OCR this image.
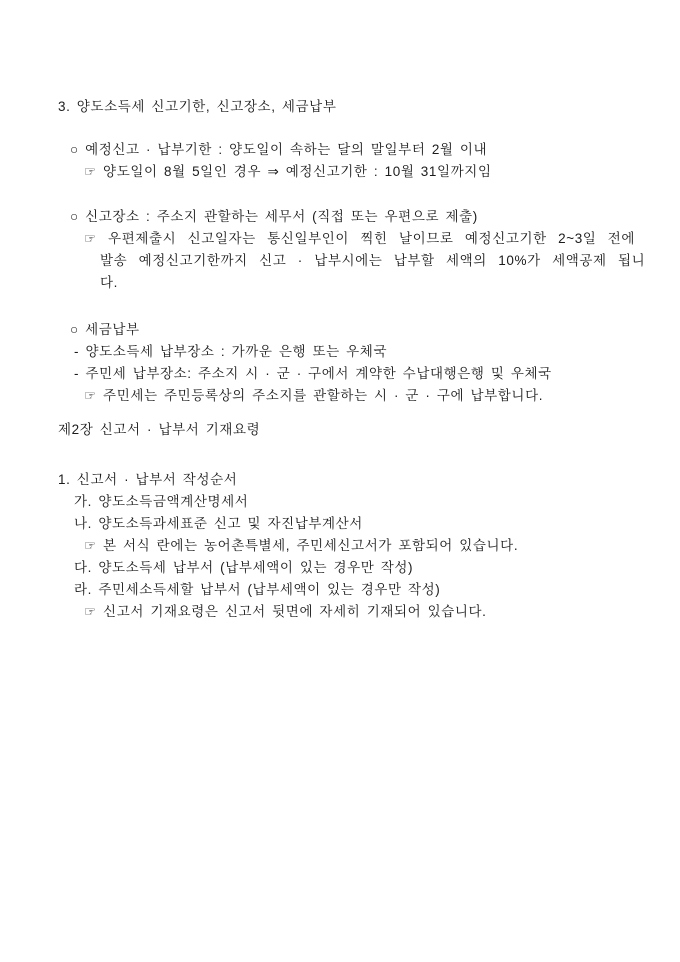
3. 양도소득세 신고기한, 신고장소, 세금납부
○ 예정신고 · 납부기한 : 양도일이 속하는 달의 말일부터 2월 이내
☞ 양도일이 8월 5일인 경우 ⇒ 예정신고기한 : 10월 31일까지임
○ 신고장소 : 주소지 관할하는 세무서 (직접 또는 우편으로 제출)
☞ 우편제출시 신고일자는 통신일부인이 찍힌 날이므로 예정신고기한 2~3일 전에
발송 예정신고기한까지 신고 · 납부시에는 납부할 세액의 10%가 세액공제 됩니
다.
○ 세금납부
- 양도소득세 납부장소 : 가까운 은행 또는 우체국
- 주민세 납부장소: 주소지 시 · 군 · 구에서 계약한 수납대행은행 및 우체국
☞ 주민세는 주민등록상의 주소지를 관할하는 시 · 군 · 구에 납부합니다.
제2장 신고서 · 납부서 기재요령
1. 신고서 · 납부서 작성순서
가. 양도소득금액계산명세서
나. 양도소득과세표준 신고 및 자진납부계산서
☞ 본 서식 란에는 농어촌특별세, 주민세신고서가 포함되어 있습니다.
다. 양도소득세 납부서 (납부세액이 있는 경우만 작성)
라. 주민세소득세할 납부서 (납부세액이 있는 경우만 작성)
☞ 신고서 기재요령은 신고서 뒷면에 자세히 기재되어 있습니다.
